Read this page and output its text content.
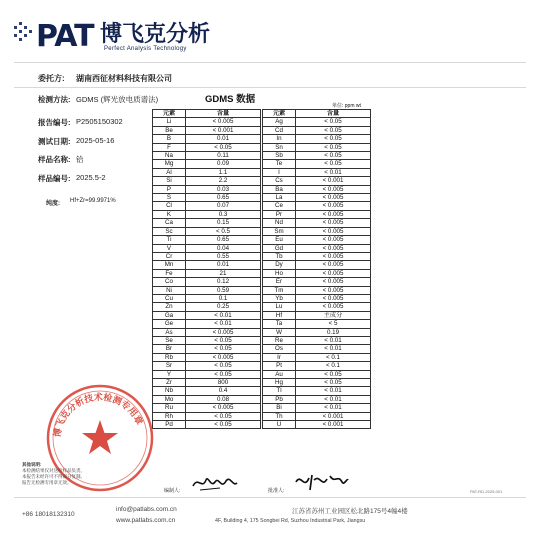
PAT 博飞克分析
Perfect Analysis Technology
委托方: 湖南西征材料科技有限公司
检测方法: GDMS (辉光放电质谱法)	GDMS 数据
单位: ppm wt
报告编号: P2505150302
测试日期: 2025-05-16
样品名称: 铪
样品编号: 2025.5-2
纯度: Hf+Zr=99.9971%
元素	含量
Li	< 0.005
Be	< 0.001
B	0.01
F	< 0.05
Na	0.11
Mg	0.09
Al	1.1
Si	2.2
P	0.03
S	0.65
Cl	0.07
K	0.3
Ca	0.15
Sc	< 0.5
Ti	0.65
V	0.04
Cr	0.55
Mn	0.01
Fe	21
Co	0.12
Ni	0.59
Cu	0.1
Zn	0.25
Ga	< 0.01
Ge	< 0.01
As	< 0.005
Se	< 0.05
Br	< 0.05
Rb	< 0.005
Sr	< 0.05
Y	< 0.05
Zr	800
Nb	0.4
Mo	0.08
Ru	< 0.005
Rh	< 0.05
Pd	< 0.05
元素	含量
Ag	< 0.05
Cd	< 0.05
In	< 0.05
Sn	< 0.05
Sb	< 0.05
Te	< 0.05
I	< 0.01
Cs	< 0.001
Ba	< 0.005
La	< 0.005
Ce	< 0.005
Pr	< 0.005
Nd	< 0.005
Sm	< 0.005
Eu	< 0.005
Gd	< 0.005
Tb	< 0.005
Dy	< 0.005
Ho	< 0.005
Er	< 0.005
Tm	< 0.005
Yb	< 0.005
Lu	< 0.005
Hf	主成分
Ta	< 5
W	0.19
Re	< 0.01
Os	< 0.01
Ir	< 0.1
Pt	< 0.1
Au	< 0.05
Hg	< 0.05
Tl	< 0.01
Pb	< 0.01
Bi	< 0.01
Th	< 0.001
U	< 0.001
博飞克分析技术检测专用章
其他说明:
本检测结果仅对送检样品负责。
本报告未经许可不得部分复制。
报告无检测专用章无效。
编制人:	批准人:	PAT-RD-2025-001
+86 18018132310
info@patlabs.com.cn
www.patlabs.com.cn
江苏省苏州工业园区松北路175号4幢4楼
4F, Building 4, 175 Songbei Rd, Suzhou Industrial Park, Jiangsu
